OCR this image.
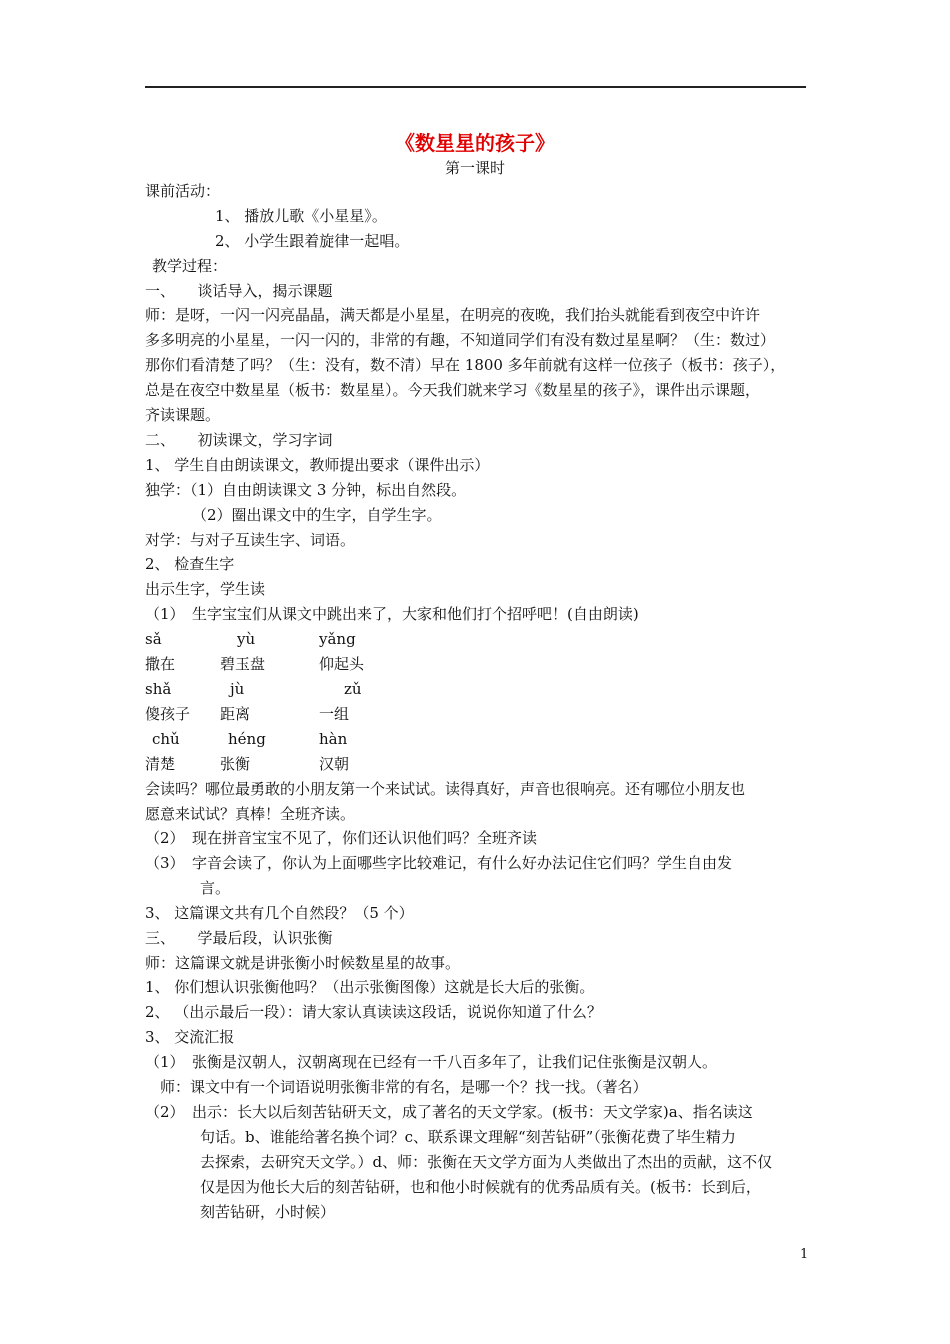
《数星星的孩子》
第一课时
课前活动：
1、 播放儿歌《小星星》。
2、 小学生跟着旋律一起唱。
教学过程：
一、　　谈话导入，揭示课题
师：是呀，一闪一闪亮晶晶，满天都是小星星，在明亮的夜晚，我们抬头就能看到夜空中许许
多多明亮的小星星，一闪一闪的，非常的有趣，不知道同学们有没有数过星星啊？（生：数过）
那你们看清楚了吗？（生：没有，数不清）早在 1800 多年前就有这样一位孩子（板书：孩子），
总是在夜空中数星星（板书：数星星）。今天我们就来学习《数星星的孩子》，课件出示课题，
齐读课题。
二、　　初读课文，学习字词
1、 学生自由朗读课文，教师提出要求（课件出示）
独学：（1）自由朗读课文 3 分钟，标出自然段。
（2）圈出课文中的生字，自学生字。
对学：与对子互读生字、词语。
2、 检查生字
出示生字，学生读
（1）　生字宝宝们从课文中跳出来了，大家和他们打个招呼吧！(自由朗读)
sǎ	yù	yǎng
撒在	碧玉盘	仰起头
shǎ	jù	zǔ
傻孩子 距离	一组
chǔ	héng	hàn
清楚	张衡	汉朝
会读吗？哪位最勇敢的小朋友第一个来试试。读得真好，声音也很响亮。还有哪位小朋友也
愿意来试试？真棒！全班齐读。
（2）　现在拼音宝宝不见了，你们还认识他们吗？全班齐读
（3）　字音会读了，你认为上面哪些字比较难记，有什么好办法记住它们吗？学生自由发
言。
3、 这篇课文共有几个自然段？（5 个）
三、　　学最后段，认识张衡
师：这篇课文就是讲张衡小时候数星星的故事。
1、 你们想认识张衡他吗？（出示张衡图像）这就是长大后的张衡。
2、 （出示最后一段）：请大家认真读读这段话，说说你知道了什么？
3、 交流汇报
（1）　张衡是汉朝人，汉朝离现在已经有一千八百多年了，让我们记住张衡是汉朝人。
师：课文中有一个词语说明张衡非常的有名，是哪一个？找一找。（著名）
（2）　出示：长大以后刻苦钻研天文，成了著名的天文学家。(板书：天文学家)a、指名读这
句话。b、谁能给著名换个词？c、联系课文理解“刻苦钻研”（张衡花费了毕生精力
去探索，去研究天文学。）d、师：张衡在天文学方面为人类做出了杰出的贡献，这不仅
仅是因为他长大后的刻苦钻研，也和他小时候就有的优秀品质有关。(板书：长到后，
刻苦钻研，小时候）
1
